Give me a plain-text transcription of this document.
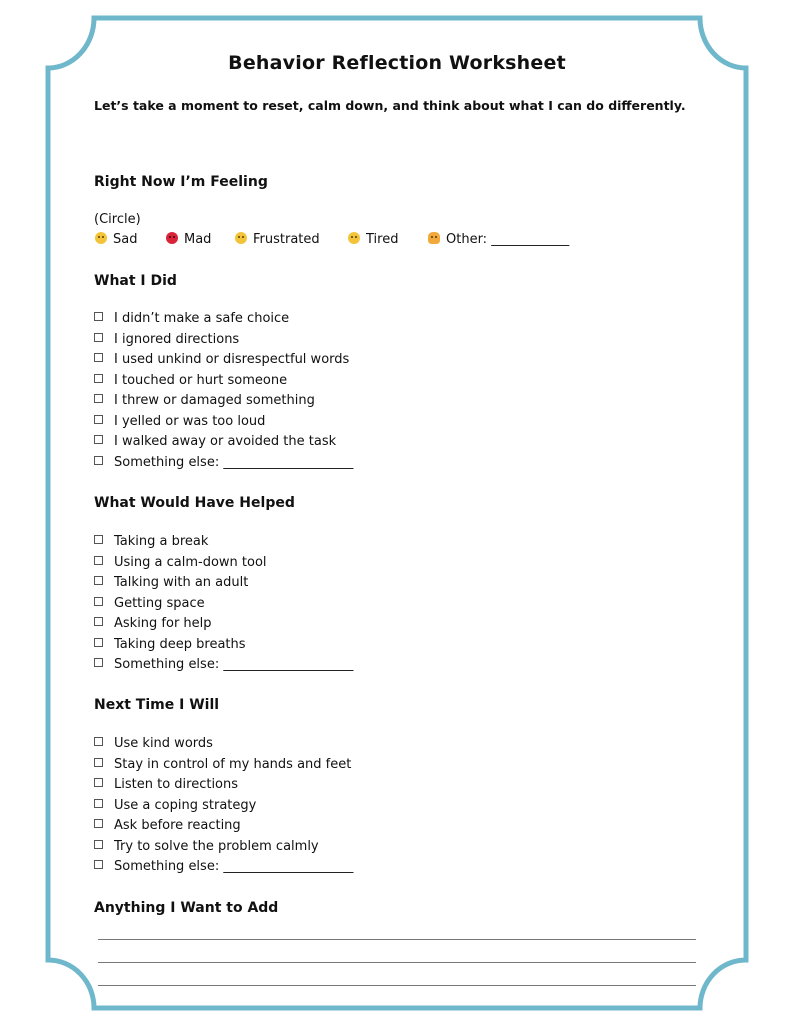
Behavior Reflection Worksheet
Let’s take a moment to reset, calm down, and think about what I can do differently.
Right Now I’m Feeling
(Circle)
Sad	Mad	Frustrated	Tired	Other: ____________
What I Did
I didn’t make a safe choice
I ignored directions
I used unkind or disrespectful words
I touched or hurt someone
I threw or damaged something
I yelled or was too loud
I walked away or avoided the task
Something else: ____________________
What Would Have Helped
Taking a break
Using a calm-down tool
Talking with an adult
Getting space
Asking for help
Taking deep breaths
Something else: ____________________
Next Time I Will
Use kind words
Stay in control of my hands and feet
Listen to directions
Use a coping strategy
Ask before reacting
Try to solve the problem calmly
Something else: ____________________
Anything I Want to Add
